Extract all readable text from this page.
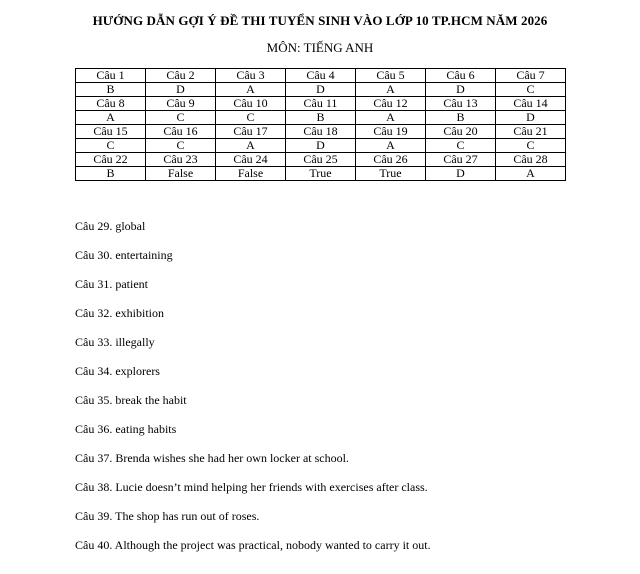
HƯỚNG DẪN GỢI Ý ĐỀ THI TUYỂN SINH VÀO LỚP 10 TP.HCM NĂM 2026
MÔN: TIẾNG ANH
Câu 1	Câu 2	Câu 3	Câu 4	Câu 5	Câu 6	Câu 7
B	D	A	D	A	D	C
Câu 8	Câu 9	Câu 10	Câu 11	Câu 12	Câu 13	Câu 14
A	C	C	B	A	B	D
Câu 15	Câu 16	Câu 17	Câu 18	Câu 19	Câu 20	Câu 21
C	C	A	D	A	C	C
Câu 22	Câu 23	Câu 24	Câu 25	Câu 26	Câu 27	Câu 28
B	False	False	True	True	D	A
Câu 29. global
Câu 30. entertaining
Câu 31. patient
Câu 32. exhibition
Câu 33. illegally
Câu 34. explorers
Câu 35. break the habit
Câu 36. eating habits
Câu 37. Brenda wishes she had her own locker at school.
Câu 38. Lucie doesn’t mind helping her friends with exercises after class.
Câu 39. The shop has run out of roses.
Câu 40. Although the project was practical, nobody wanted to carry it out.
